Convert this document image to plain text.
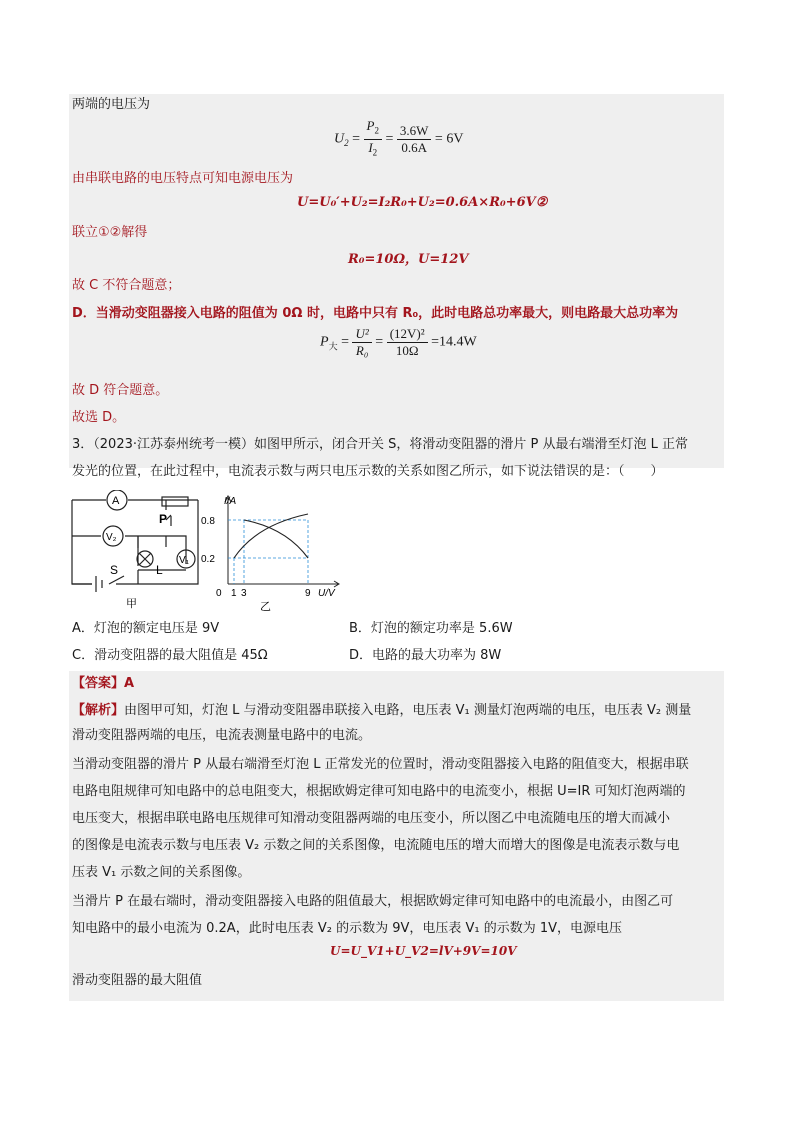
两端的电压为
$U_2 = \frac{P_2}{I_2} = \frac{3.6W}{0.6A} = 6V$
由串联电路的电压特点可知电源电压为
U=U₀′+U₂=I₂R₀+U₂=0.6A×R₀+6V②
联立①②解得
R₀=10Ω，U=12V
故 C 不符合题意；
D．当滑动变阻器接入电路的阻值为 0Ω 时，电路中只有 R₀，此时电路总功率最大，则电路最大总功率为
$P_大 = \frac{\text{U²}}{\text{R₀}} = \frac{\text{(12V)²}}{10\Omega} =14.4W$
故 D 符合题意。
故选 D。
3．（2023·江苏泰州统考一模）如图甲所示，闭合开关 S，将滑动变阻器的滑片 P 从最右端滑至灯泡 L 正常
发光的位置，在此过程中，电流表示数与两只电压示数的关系如图乙所示，如下说法错误的是：（　　）
A
V₂
V₁
L
S
P
甲
I/A
U/V
0.8
0.2
0 1 3	9
乙
A．灯泡的额定电压是 9V	B．灯泡的额定功率是 5.6W
C．滑动变阻器的最大阻值是 45Ω	D．电路的最大功率为 8W
【答案】A
【解析】由图甲可知，灯泡 L 与滑动变阻器串联接入电路，电压表 V₁ 测量灯泡两端的电压，电压表 V₂ 测量
滑动变阻器两端的电压，电流表测量电路中的电流。
当滑动变阻器的滑片 P 从最右端滑至灯泡 L 正常发光的位置时，滑动变阻器接入电路的阻值变大，根据串联
电路电阻规律可知电路中的总电阻变大，根据欧姆定律可知电路中的电流变小，根据 U=IR 可知灯泡两端的
电压变大，根据串联电路电压规律可知滑动变阻器两端的电压变小，所以图乙中电流随电压的增大而减小
的图像是电流表示数与电压表 V₂ 示数之间的关系图像，电流随电压的增大而增大的图像是电流表示数与电
压表 V₁ 示数之间的关系图像。
当滑片 P 在最右端时，滑动变阻器接入电路的阻值最大，根据欧姆定律可知电路中的电流最小，由图乙可
知电路中的最小电流为 0.2A，此时电压表 V₂ 的示数为 9V，电压表 V₁ 的示数为 1V，电源电压
U=U_V1+U_V2=lV+9V=10V
滑动变阻器的最大阻值
